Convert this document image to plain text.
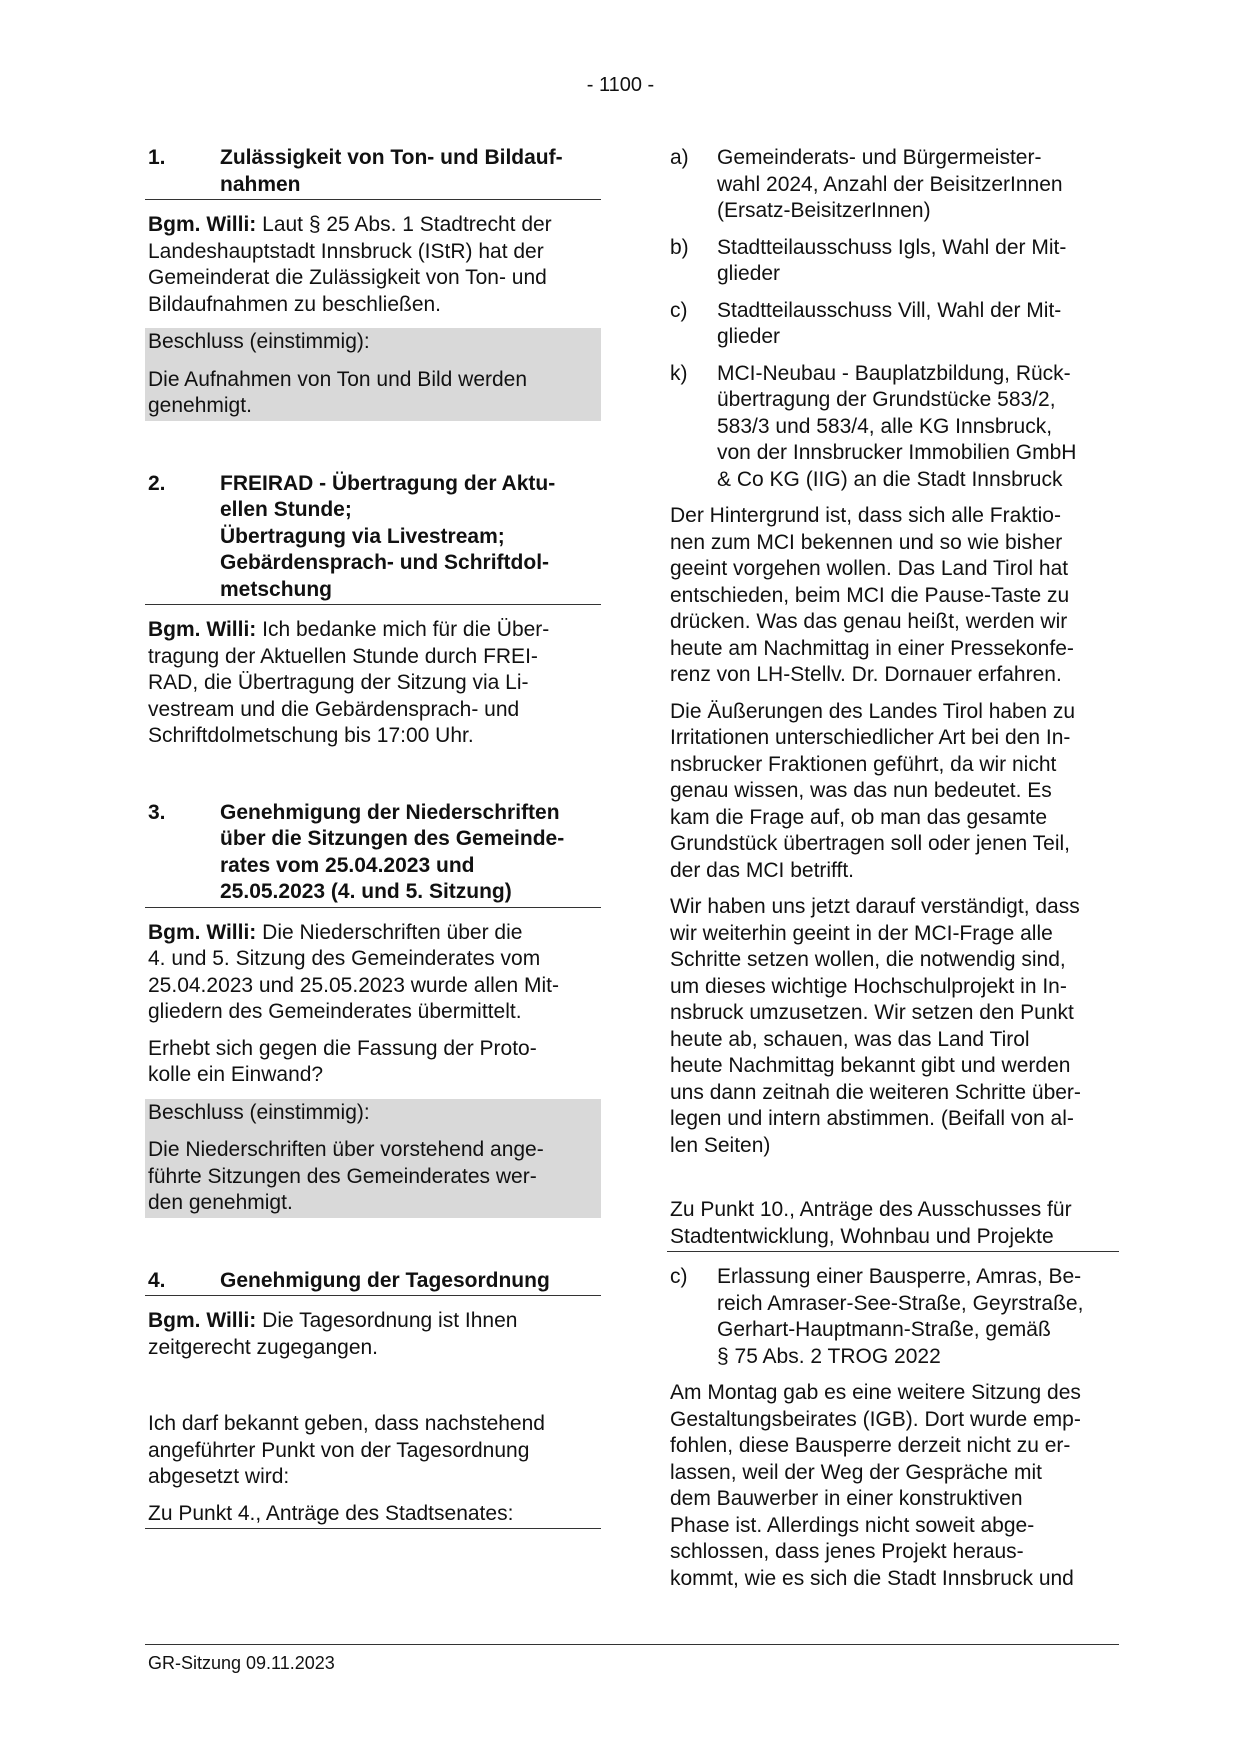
- 1100 -
1.	Zulässigkeit von Ton- und Bildauf-
nahmen

Bgm. Willi: Laut § 25 Abs. 1 Stadtrecht der
Landeshauptstadt Innsbruck (IStR) hat der
Gemeinderat die Zulässigkeit von Ton- und
Bildaufnahmen zu beschließen.

Beschluss (einstimmig):
Die Aufnahmen von Ton und Bild werden
genehmigt.
2.	FREIRAD - Übertragung der Aktu-
ellen Stunde;
Übertragung via Livestream;
Gebärdensprach- und Schriftdol-
metschung

Bgm. Willi: Ich bedanke mich für die Über-
tragung der Aktuellen Stunde durch FREI-
RAD, die Übertragung der Sitzung via Li-
vestream und die Gebärdensprach- und
Schriftdolmetschung bis 17:00 Uhr.

3.	Genehmigung der Niederschriften
über die Sitzungen des Gemeinde-
rates vom 25.04.2023 und
25.05.2023 (4. und 5. Sitzung)

Bgm. Willi: Die Niederschriften über die
4. und 5. Sitzung des Gemeinderates vom
25.04.2023 und 25.05.2023 wurde allen Mit-
gliedern des Gemeinderates übermittelt.

Erhebt sich gegen die Fassung der Proto-
kolle ein Einwand?

Beschluss (einstimmig):
Die Niederschriften über vorstehend ange-
führte Sitzungen des Gemeinderates wer-
den genehmigt.
4.	Genehmigung der Tagesordnung

Bgm. Willi: Die Tagesordnung ist Ihnen
zeitgerecht zugegangen.

Ich darf bekannt geben, dass nachstehend
angeführter Punkt von der Tagesordnung
abgesetzt wird:

Zu Punkt 4., Anträge des Stadtsenates:
a)	Gemeinderats- und Bürgermeister-
wahl 2024, Anzahl der BeisitzerInnen
(Ersatz-BeisitzerInnen)
b)	Stadtteilausschuss Igls, Wahl der Mit-
glieder
c)	Stadtteilausschuss Vill, Wahl der Mit-
glieder
k)	MCI-Neubau - Bauplatzbildung, Rück-
übertragung der Grundstücke 583/2,
583/3 und 583/4, alle KG Innsbruck,
von der Innsbrucker Immobilien GmbH
& Co KG (IIG) an die Stadt Innsbruck

Der Hintergrund ist, dass sich alle Fraktio-
nen zum MCI bekennen und so wie bisher
geeint vorgehen wollen. Das Land Tirol hat
entschieden, beim MCI die Pause-Taste zu
drücken. Was das genau heißt, werden wir
heute am Nachmittag in einer Pressekonfe-
renz von LH-Stellv. Dr. Dornauer erfahren.

Die Äußerungen des Landes Tirol haben zu
Irritationen unterschiedlicher Art bei den In-
nsbrucker Fraktionen geführt, da wir nicht
genau wissen, was das nun bedeutet. Es
kam die Frage auf, ob man das gesamte
Grundstück übertragen soll oder jenen Teil,
der das MCI betrifft.

Wir haben uns jetzt darauf verständigt, dass
wir weiterhin geeint in der MCI-Frage alle
Schritte setzen wollen, die notwendig sind,
um dieses wichtige Hochschulprojekt in In-
nsbruck umzusetzen. Wir setzen den Punkt
heute ab, schauen, was das Land Tirol
heute Nachmittag bekannt gibt und werden
uns dann zeitnah die weiteren Schritte über-
legen und intern abstimmen. (Beifall von al-
len Seiten)

Zu Punkt 10., Anträge des Ausschusses für
Stadtentwicklung, Wohnbau und Projekte
c)	Erlassung einer Bausperre, Amras, Be-
reich Amraser-See-Straße, Geyrstraße,
Gerhart-Hauptmann-Straße, gemäß
§ 75 Abs. 2 TROG 2022

Am Montag gab es eine weitere Sitzung des
Gestaltungsbeirates (IGB). Dort wurde emp-
fohlen, diese Bausperre derzeit nicht zu er-
lassen, weil der Weg der Gespräche mit
dem Bauwerber in einer konstruktiven
Phase ist. Allerdings nicht soweit abge-
schlossen, dass jenes Projekt heraus-
kommt, wie es sich die Stadt Innsbruck und

GR-Sitzung 09.11.2023
